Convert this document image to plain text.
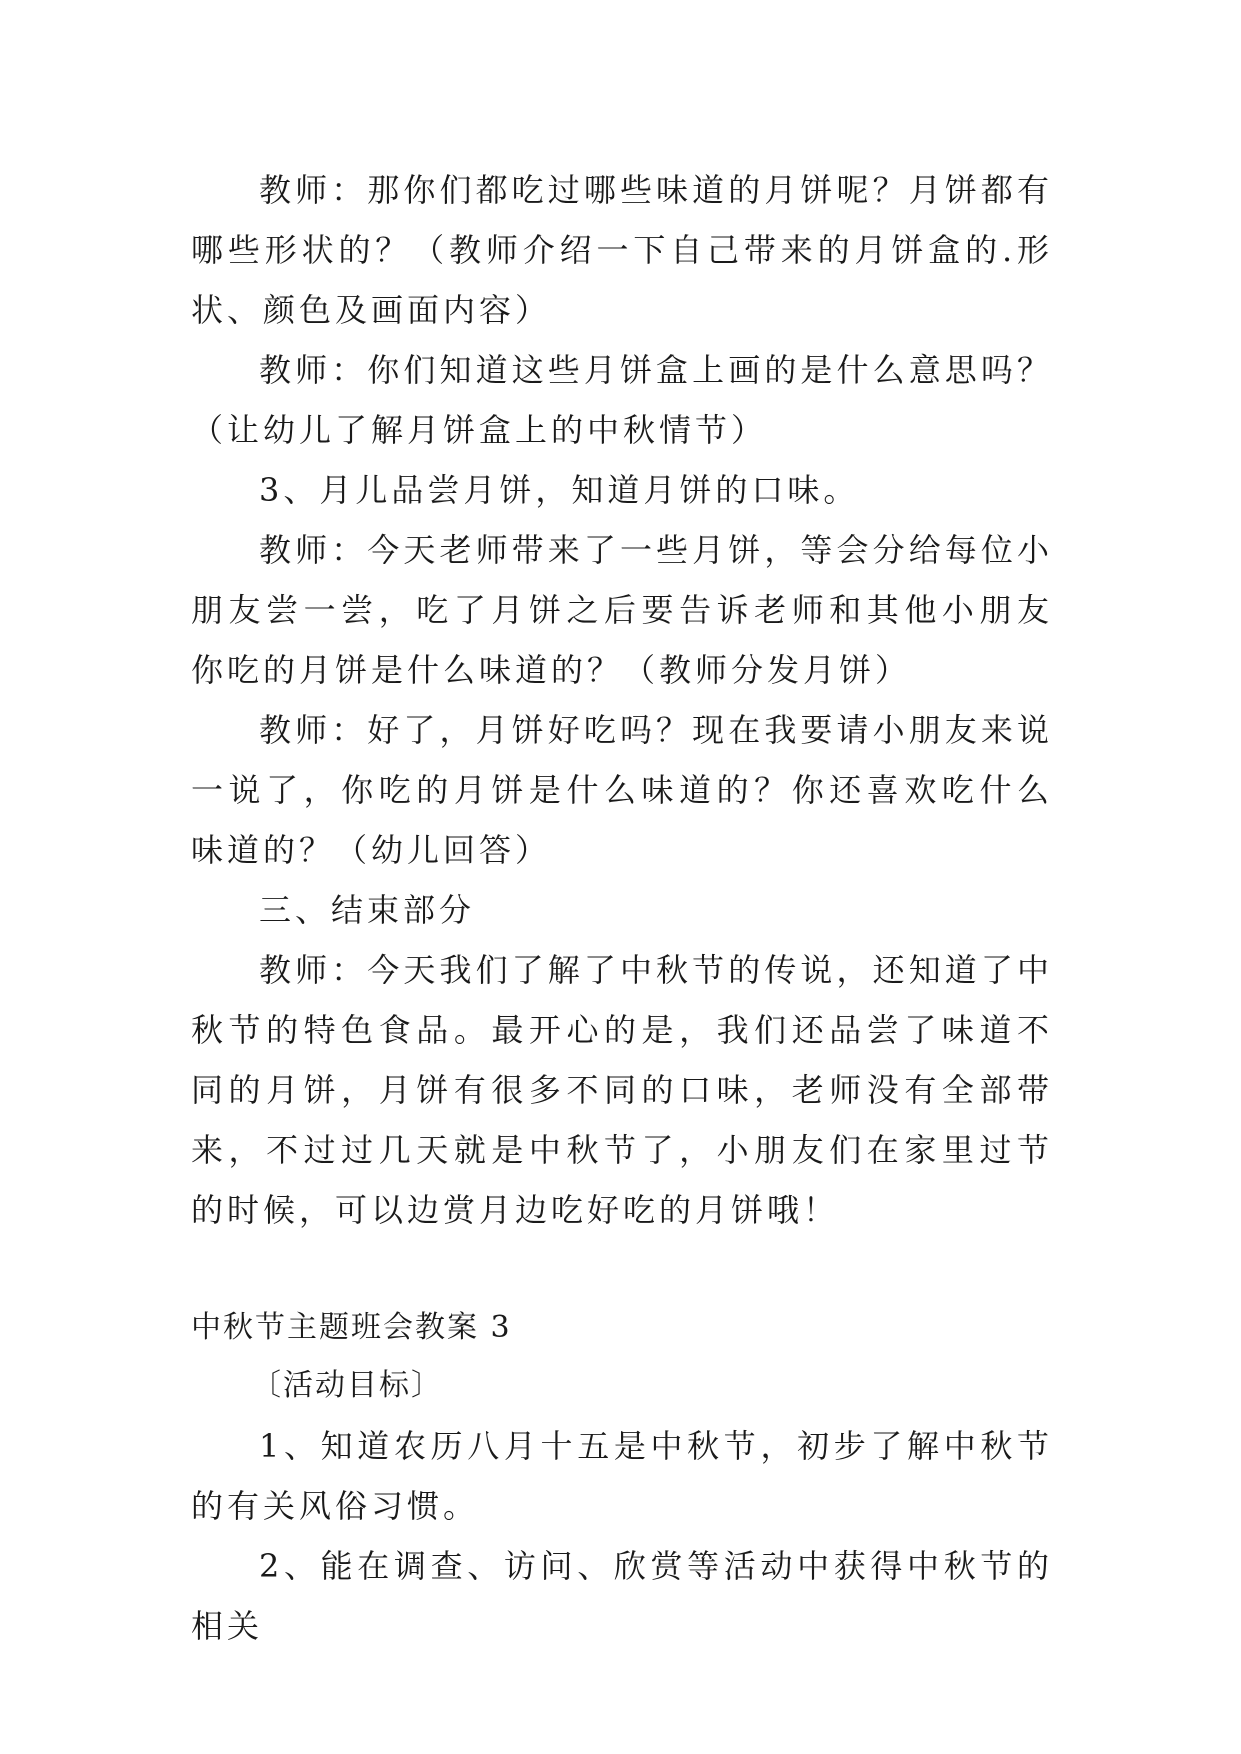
教师：那你们都吃过哪些味道的月饼呢？月饼都有哪些形状的？（教师介绍一下自己带来的月饼盒的.形状、颜色及画面内容）

教师：你们知道这些月饼盒上画的是什么意思吗？（让幼儿了解月饼盒上的中秋情节）

3、月儿品尝月饼，知道月饼的口味。

教师：今天老师带来了一些月饼，等会分给每位小朋友尝一尝，吃了月饼之后要告诉老师和其他小朋友你吃的月饼是什么味道的？（教师分发月饼）

教师：好了，月饼好吃吗？现在我要请小朋友来说一说了，你吃的月饼是什么味道的？你还喜欢吃什么味道的？（幼儿回答）

三、结束部分

教师：今天我们了解了中秋节的传说，还知道了中秋节的特色食品。最开心的是，我们还品尝了味道不同的月饼，月饼有很多不同的口味，老师没有全部带来，不过过几天就是中秋节了，小朋友们在家里过节的时候，可以边赏月边吃好吃的月饼哦！

中秋节主题班会教案 3

〔活动目标〕

1、知道农历八月十五是中秋节，初步了解中秋节的有关风俗习惯。

2、能在调查、访问、欣赏等活动中获得中秋节的相关
